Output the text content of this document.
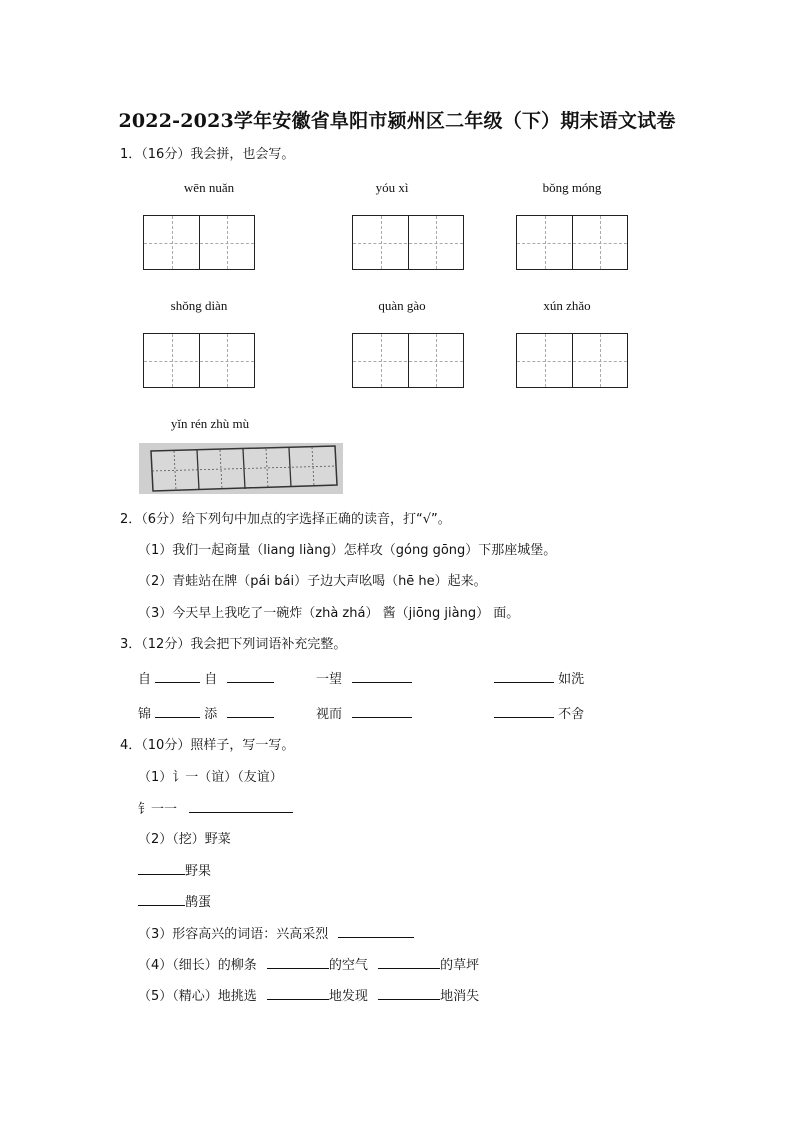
2022-2023学年安徽省阜阳市颍州区二年级（下）期末语文试卷
1．（16分）我会拼，也会写。
wēn nuǎn	yóu xì	bǒng móng
shǒng diàn	quàn gào	xún zhǎo
yǐn rén zhù mù
2．（6分）给下列句中加点的字选择正确的读音，打“√”。
（1）我们一起商量（liang liàng）怎样攻（góng gōng）下那座城堡。
（2）青蛙站在牌（pái bái）子边大声吆喝（hē he）起来。
（3）今天早上我吃了一碗炸（zhà zhá） 酱（jiōng jiàng） 面。
3．（12分）我会把下列词语补充完整。
自	自	一望	如洗
锦	添	视而	不舍
4．（10分）照样子，写一写。
（1）讠一（谊）（友谊）
钅一一
（2）（挖）野菜
野果
鹊蛋
（3）形容高兴的词语：兴高采烈
（4）（细长）的柳条	的空气	的草坪
（5）（精心）地挑选	地发现	地消失
